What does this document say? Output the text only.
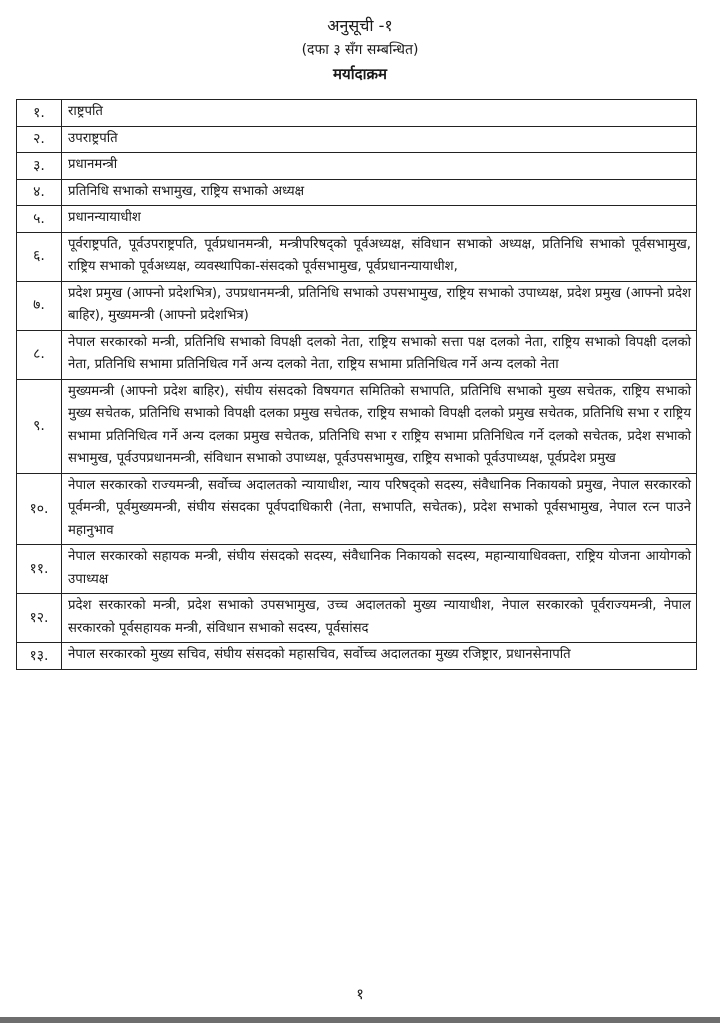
अनुसूची -१
(दफा ३ सँग सम्बन्धित)
मर्यादाक्रम
१.	राष्ट्रपति
२.	उपराष्ट्रपति
३.	प्रधानमन्त्री
४.	प्रतिनिधि सभाको सभामुख, राष्ट्रिय सभाको अध्यक्ष
५.	प्रधानन्यायाधीश
६.	पूर्वराष्ट्रपति, पूर्वउपराष्ट्रपति, पूर्वप्रधानमन्त्री, मन्त्रीपरिषद्को पूर्वअध्यक्ष, संविधान सभाको अध्यक्ष, प्रतिनिधि सभाको पूर्वसभामुख, राष्ट्रिय सभाको पूर्वअध्यक्ष, व्यवस्थापिका-संसदको पूर्वसभामुख, पूर्वप्रधानन्यायाधीश,
७.	प्रदेश प्रमुख (आफ्नो प्रदेशभित्र), उपप्रधानमन्त्री, प्रतिनिधि सभाको उपसभामुख, राष्ट्रिय सभाको उपाध्यक्ष, प्रदेश प्रमुख (आफ्नो प्रदेश बाहिर), मुख्यमन्त्री (आफ्नो प्रदेशभित्र)
८.	नेपाल सरकारको मन्त्री, प्रतिनिधि सभाको विपक्षी दलको नेता, राष्ट्रिय सभाको सत्ता पक्ष दलको नेता, राष्ट्रिय सभाको विपक्षी दलको नेता, प्रतिनिधि सभामा प्रतिनिधित्व गर्ने अन्य दलको नेता, राष्ट्रिय सभामा प्रतिनिधित्व गर्ने अन्य दलको नेता
९.	मुख्यमन्त्री (आफ्नो प्रदेश बाहिर), संघीय संसदको विषयगत समितिको सभापति, प्रतिनिधि सभाको मुख्य सचेतक, राष्ट्रिय सभाको मुख्य सचेतक, प्रतिनिधि सभाको विपक्षी दलका प्रमुख सचेतक, राष्ट्रिय सभाको विपक्षी दलको प्रमुख सचेतक, प्रतिनिधि सभा र राष्ट्रिय सभामा प्रतिनिधित्व गर्ने अन्य दलका प्रमुख सचेतक, प्रतिनिधि सभा र राष्ट्रिय सभामा प्रतिनिधित्व गर्ने दलको सचेतक, प्रदेश सभाको सभामुख, पूर्वउपप्रधानमन्त्री, संविधान सभाको उपाध्यक्ष, पूर्वउपसभामुख, राष्ट्रिय सभाको पूर्वउपाध्यक्ष, पूर्वप्रदेश प्रमुख
१०.	नेपाल सरकारको राज्यमन्त्री, सर्वोच्च अदालतको न्यायाधीश, न्याय परिषद्को सदस्य, संवैधानिक निकायको प्रमुख, नेपाल सरकारको पूर्वमन्त्री, पूर्वमुख्यमन्त्री, संघीय संसदका पूर्वपदाधिकारी (नेता, सभापति, सचेतक), प्रदेश सभाको पूर्वसभामुख, नेपाल रत्न पाउने महानुभाव
११.	नेपाल सरकारको सहायक मन्त्री, संघीय संसदको सदस्य, संवैधानिक निकायको सदस्य, महान्यायाधिवक्ता, राष्ट्रिय योजना आयोगको उपाध्यक्ष
१२.	प्रदेश सरकारको मन्त्री, प्रदेश सभाको उपसभामुख, उच्च अदालतको मुख्य न्यायाधीश, नेपाल सरकारको पूर्वराज्यमन्त्री, नेपाल सरकारको पूर्वसहायक मन्त्री, संविधान सभाको सदस्य, पूर्वसांसद
१३.	नेपाल सरकारको मुख्य सचिव, संघीय संसदको महासचिव, सर्वोच्च अदालतका मुख्य रजिष्ट्रार, प्रधानसेनापति
१
